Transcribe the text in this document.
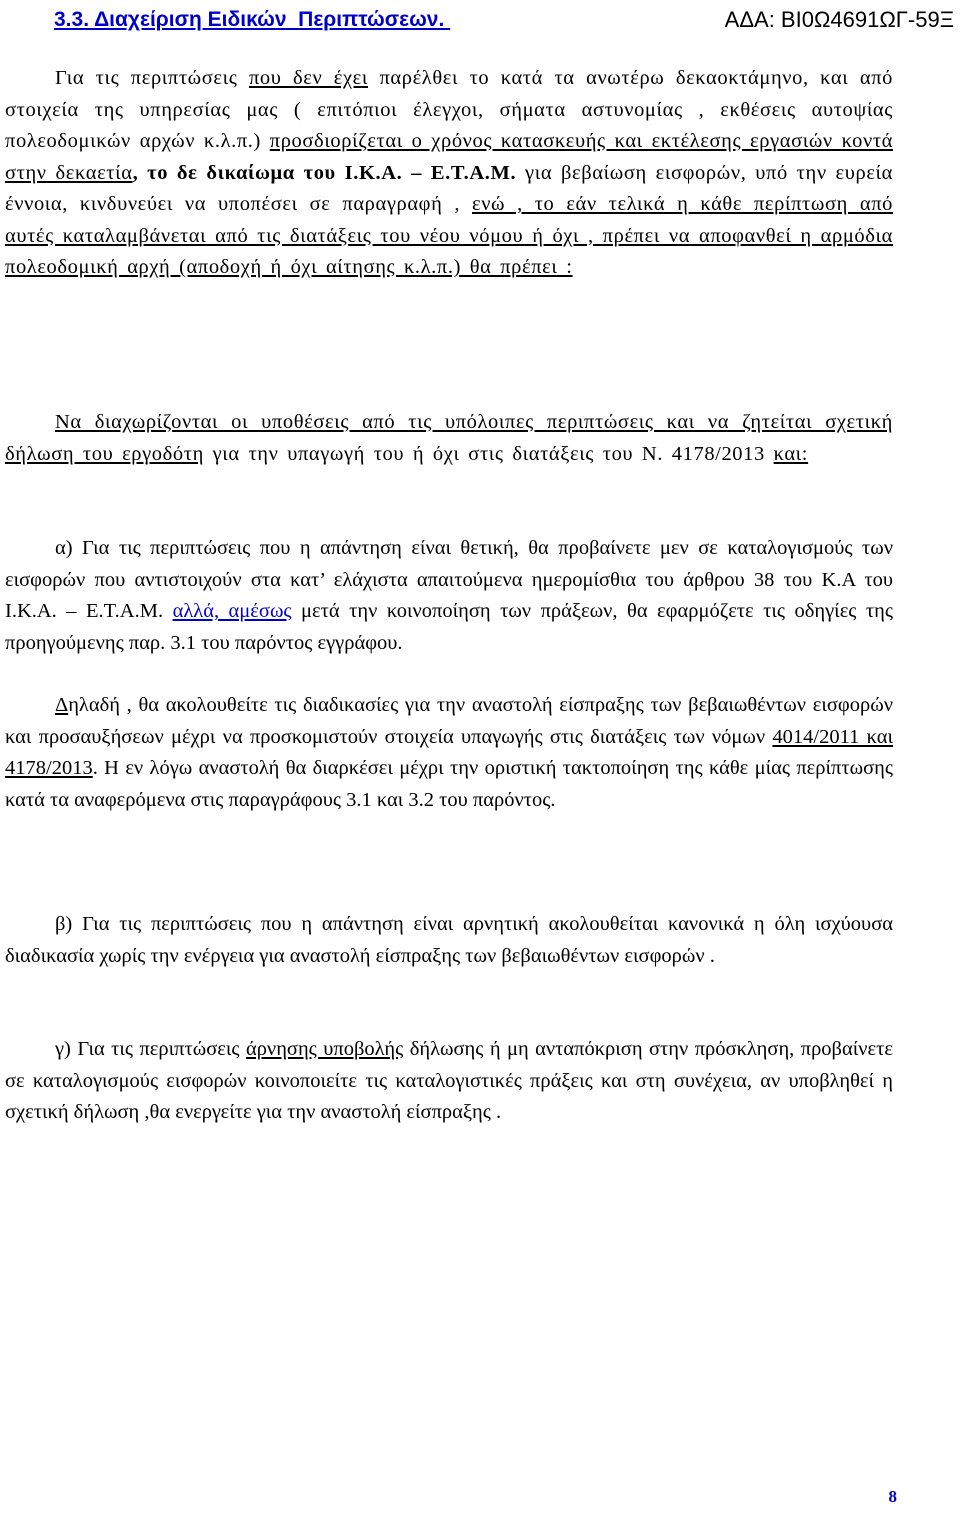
3.3. Διαχείριση Ειδικών  Περιπτώσεων.	ΑΔΑ: ΒΙ0Ω4691ΩΓ-59Ξ

Για τις περιπτώσεις που δεν έχει παρέλθει το κατά τα ανωτέρω δεκαοκτάμηνο, και από στοιχεία της υπηρεσίας μας ( επιτόπιοι έλεγχοι, σήματα αστυνομίας , εκθέσεις αυτοψίας πολεοδομικών αρχών κ.λ.π.) προσδιορίζεται ο χρόνος κατασκευής και εκτέλεσης εργασιών κοντά στην δεκαετία, το δε δικαίωμα του Ι.Κ.Α. – Ε.Τ.Α.Μ. για βεβαίωση εισφορών, υπό την ευρεία έννοια, κινδυνεύει να υποπέσει σε παραγραφή , ενώ , το εάν τελικά η κάθε περίπτωση από αυτές καταλαμβάνεται από τις διατάξεις του νέου νόμου ή όχι , πρέπει να αποφανθεί η αρμόδια πολεοδομική αρχή (αποδοχή ή όχι αίτησης κ.λ.π.) θα πρέπει :

Να διαχωρίζονται οι υποθέσεις από τις υπόλοιπες περιπτώσεις και να ζητείται σχετική δήλωση του εργοδότη για την υπαγωγή του ή όχι στις διατάξεις του Ν. 4178/2013 και:

α) Για τις περιπτώσεις που η απάντηση είναι θετική, θα προβαίνετε μεν σε καταλογισμούς των εισφορών που αντιστοιχούν στα κατ’ ελάχιστα απαιτούμενα ημερομίσθια του άρθρου 38 του Κ.Α του Ι.Κ.Α. – Ε.Τ.Α.Μ. αλλά, αμέσως μετά την κοινοποίηση των πράξεων, θα εφαρμόζετε τις οδηγίες της προηγούμενης παρ. 3.1 του παρόντος εγγράφου.

Δηλαδή , θα ακολουθείτε τις διαδικασίες για την αναστολή είσπραξης των βεβαιωθέντων εισφορών και προσαυξήσεων μέχρι να προσκομιστούν στοιχεία υπαγωγής στις διατάξεις των νόμων 4014/2011 και 4178/2013. Η εν λόγω αναστολή θα διαρκέσει μέχρι την οριστική τακτοποίηση της κάθε μίας περίπτωσης κατά τα αναφερόμενα στις παραγράφους 3.1 και 3.2 του παρόντος.

β) Για τις περιπτώσεις που η απάντηση είναι αρνητική ακολουθείται κανονικά η όλη ισχύουσα διαδικασία χωρίς την ενέργεια για αναστολή είσπραξης των βεβαιωθέντων εισφορών .

γ) Για τις περιπτώσεις άρνησης υποβολής δήλωσης ή μη ανταπόκριση στην πρόσκληση, προβαίνετε σε καταλογισμούς εισφορών κοινοποιείτε τις καταλογιστικές πράξεις και στη συνέχεια, αν υποβληθεί η σχετική δήλωση ,θα ενεργείτε για την αναστολή είσπραξης .

8
